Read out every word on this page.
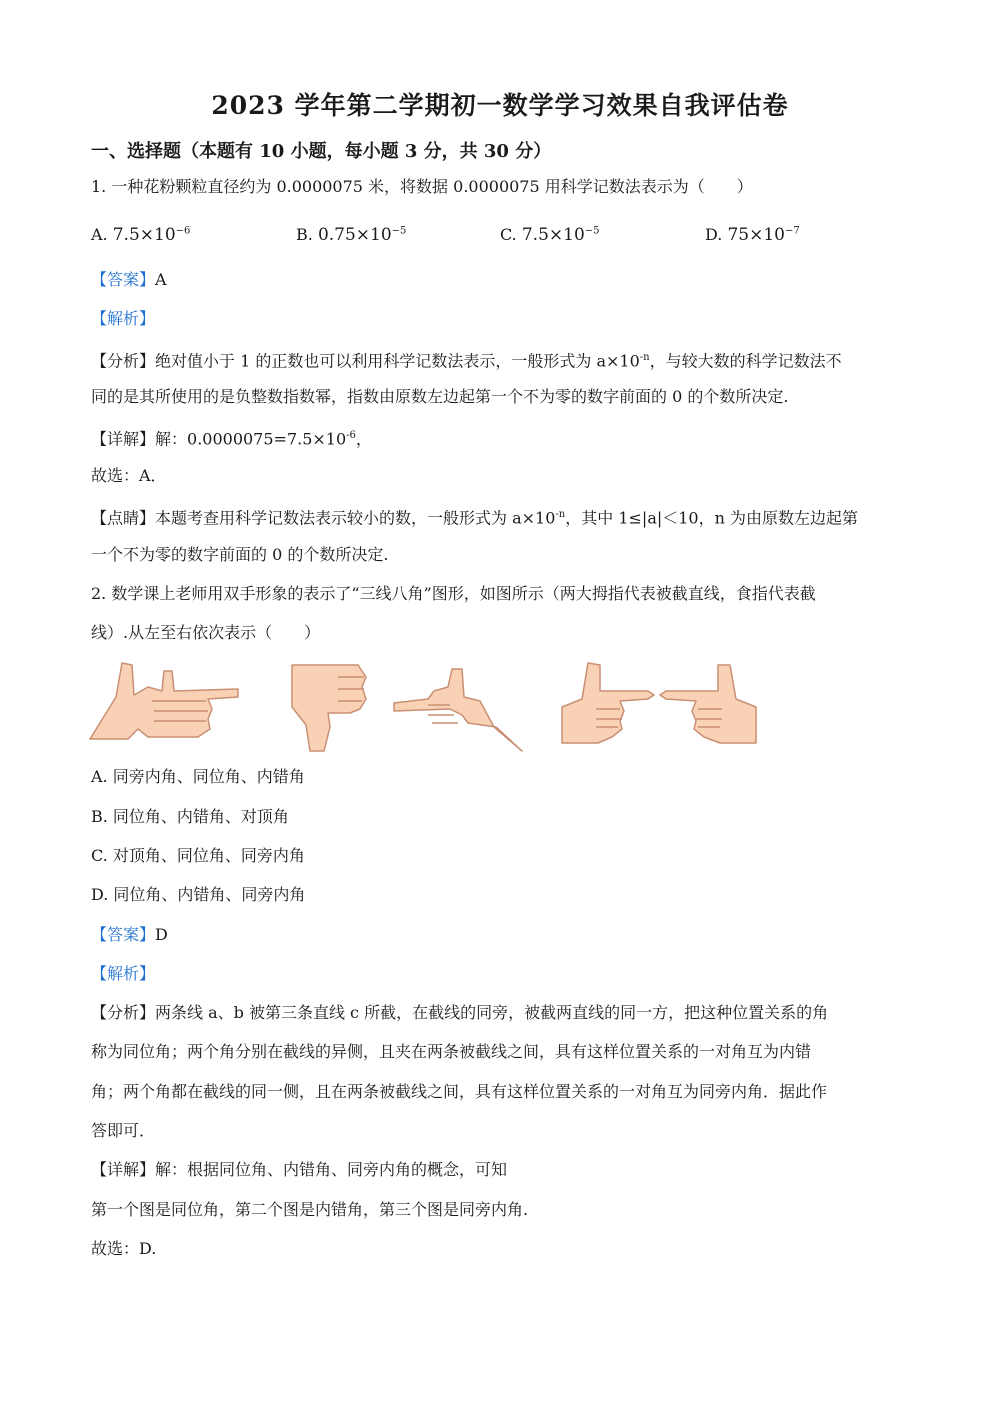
2023 学年第二学期初一数学学习效果自我评估卷
一、选择题（本题有 10 小题，每小题 3 分，共 30 分）
1. 一种花粉颗粒直径约为 0.0000075 米，将数据 0.0000075 用科学记数法表示为（　　）
A. $7.5\times 10^{-6}$	B. $0.75\times 10^{-5}$	C. $7.5\times 10^{-5}$	D. $75\times 10^{-7}$
【答案】A
【解析】
【分析】绝对值小于 1 的正数也可以利用科学记数法表示，一般形式为 $a\times 10^{-n}$，与较大数的科学记数法不
同的是其所使用的是负整数指数幂，指数由原数左边起第一个不为零的数字前面的 0 的个数所决定.
【详解】解：$0.0000075=7.5\times 10^{-6}$，
故选：A．
【点睛】本题考查用科学记数法表示较小的数，一般形式为 $a\times 10^{-n}$，其中 1≤|a|＜10，n 为由原数左边起第
一个不为零的数字前面的 0 的个数所决定.
2. 数学课上老师用双手形象的表示了“三线八角”图形，如图所示（两大拇指代表被截直线，食指代表截
线）.从左至右依次表示（　　）
A. 同旁内角、同位角、内错角
B. 同位角、内错角、对顶角
C. 对顶角、同位角、同旁内角
D. 同位角、内错角、同旁内角
【答案】D
【解析】
【分析】两条线 a、b 被第三条直线 c 所截，在截线的同旁，被截两直线的同一方，把这种位置关系的角
称为同位角；两个角分别在截线的异侧，且夹在两条被截线之间，具有这样位置关系的一对角互为内错
角；两个角都在截线的同一侧，且在两条被截线之间，具有这样位置关系的一对角互为同旁内角．据此作
答即可．
【详解】解：根据同位角、内错角、同旁内角的概念，可知
第一个图是同位角，第二个图是内错角，第三个图是同旁内角.
故选：D.
